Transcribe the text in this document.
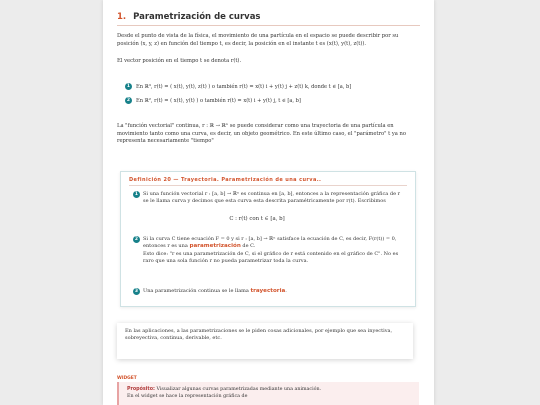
1. Parametrización de curvas

Desde el punto de vista de la física, el movimiento de una partícula en el espacio se puede describir por su posición (x, y, z) en función del tiempo t, es decir, la posición en el instante t es (x(t), y(t), z(t)).

El vector posición en el tiempo t se denota r(t).

1	En ℝ³, r(t) = ( x(t), y(t), z(t) ) o también r(t) = x(t) i + y(t) j + z(t) k, donde t ∈ [a, b]
2	En ℝ², r(t) = ( x(t), y(t) ) o también r(t) = x(t) i + y(t) j, t ∈ [a, b]

La "función vectorial" continua, r : ℝ → ℝⁿ se puede considerar como una trayectoria de una partícula en movimiento tanto como una curva, es decir, un objeto geométrico. En este último caso, el "parámetro" t ya no representa necesariamente "tiempo"

Definición 20 — Trayectoria. Parametrización de una curva..
1 Si una función vectorial r : [a, b] → ℝⁿ es continua en [a, b], entonces a la representación gráfica de r se le llama curva y decimos que esta curva esta descrita paramétricamente por r(t). Escribimos
C : r(t) con t ∈ [a, b]
2 Si la curva C tiene ecuación F = 0 y si r : [a, b] → ℝⁿ satisface la ecuación de C, es decir, F(r(t)) = 0, entonces r es una parametrización de C.
Esto dice: "r es una parametrización de C, si el gráfico de r está contenido en el gráfico de C". No es raro que una sola función r no pueda parametrizar toda la curva.
3 Una parametrización continua se le llama trayectoria.
En las aplicaciones, a las parametrizaciones se le piden cosas adicionales, por ejemplo que sea inyectiva, sobreyectiva, continua, derivable, etc.
WIDGET
Propósito: Visualizar algunas curvas parametrizadas mediante una animación.
En el widget se hace la representación gráfica de
